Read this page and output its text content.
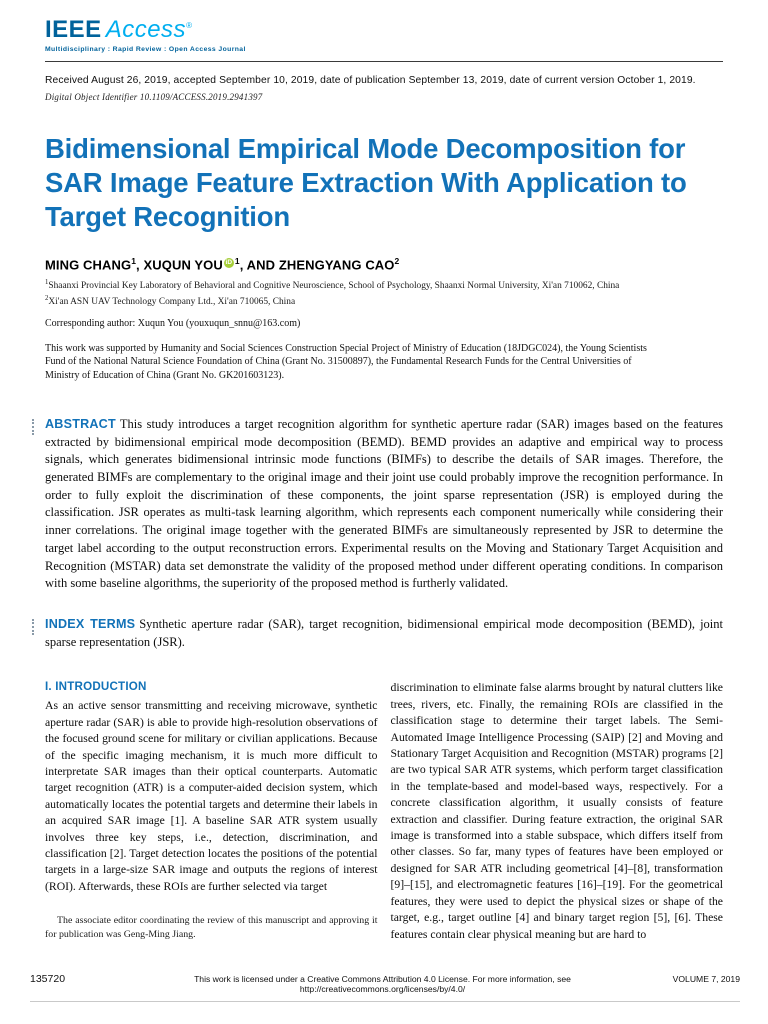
IEEE Access®
Multidisciplinary : Rapid Review : Open Access Journal
Received August 26, 2019, accepted September 10, 2019, date of publication September 13, 2019, date of current version October 1, 2019.
Digital Object Identifier 10.1109/ACCESS.2019.2941397
Bidimensional Empirical Mode Decomposition for SAR Image Feature Extraction With Application to Target Recognition
MING CHANG$^1$, XUQUN YOU iD $^1$, AND ZHENGYANG CAO$^2$
$^1$Shaanxi Provincial Key Laboratory of Behavioral and Cognitive Neuroscience, School of Psychology, Shaanxi Normal University, Xi'an 710062, China
$^2$Xi'an ASN UAV Technology Company Ltd., Xi'an 710065, China
Corresponding author: Xuqun You (youxuqun_snnu@163.com)
This work was supported by Humanity and Social Sciences Construction Special Project of Ministry of Education (18JDGC024), the Young Scientists Fund of the National Natural Science Foundation of China (Grant No. 31500897), the Fundamental Research Funds for the Central Universities of Ministry of Education of China (Grant No. GK201603123).

ABSTRACT This study introduces a target recognition algorithm for synthetic aperture radar (SAR) images based on the features extracted by bidimensional empirical mode decomposition (BEMD). BEMD provides an adaptive and empirical way to process signals, which generates bidimensional intrinsic mode functions (BIMFs) to describe the details of SAR images. Therefore, the generated BIMFs are complementary to the original image and their joint use could probably improve the recognition performance. In order to fully exploit the discrimination of these components, the joint sparse representation (JSR) is employed during the classification. JSR operates as multi-task learning algorithm, which represents each component numerically while considering their inner correlations. The original image together with the generated BIMFs are simultaneously represented by JSR to determine the target label according to the output reconstruction errors. Experimental results on the Moving and Stationary Target Acquisition and Recognition (MSTAR) data set demonstrate the validity of the proposed method under different operating conditions. In comparison with some baseline algorithms, the superiority of the proposed method is furtherly validated.

INDEX TERMS Synthetic aperture radar (SAR), target recognition, bidimensional empirical mode decomposition (BEMD), joint sparse representation (JSR).

I. INTRODUCTION

As an active sensor transmitting and receiving microwave, synthetic aperture radar (SAR) is able to provide high-resolution observations of the focused ground scene for military or civilian applications. Because of the specific imaging mechanism, it is much more difficult to interpretate SAR images than their optical counterparts. Automatic target recognition (ATR) is a computer-aided decision system, which automatically locates the potential targets and determine their labels in an acquired SAR image [1]. A baseline SAR ATR system usually involves three key steps, i.e., detection, discrimination, and classification [2]. Target detection locates the positions of the potential targets in a large-size SAR image and outputs the regions of interest (ROI). Afterwards, these ROIs are further selected via target

The associate editor coordinating the review of this manuscript and approving it for publication was Geng-Ming Jiang.

discrimination to eliminate false alarms brought by natural clutters like trees, rivers, etc. Finally, the remaining ROIs are classified in the classification stage to determine their target labels. The Semi-Automated Image Intelligence Processing (SAIP) [2] and Moving and Stationary Target Acquisition and Recognition (MSTAR) programs [2] are two typical SAR ATR systems, which perform target classification in the template-based and model-based ways, respectively. For a concrete classification algorithm, it usually consists of feature extraction and classifier. During feature extraction, the original SAR image is transformed into a stable subspace, which differs itself from other classes. So far, many types of features have been employed or designed for SAR ATR including geometrical [4]–[8], transformation [9]–[15], and electromagnetic features [16]–[19]. For the geometrical features, they were used to depict the physical sizes or shape of the target, e.g., target outline [4] and binary target region [5], [6]. These features contain clear physical meaning but are hard to

135720	This work is licensed under a Creative Commons Attribution 4.0 License. For more information, see http://creativecommons.org/licenses/by/4.0/
VOLUME 7, 2019
